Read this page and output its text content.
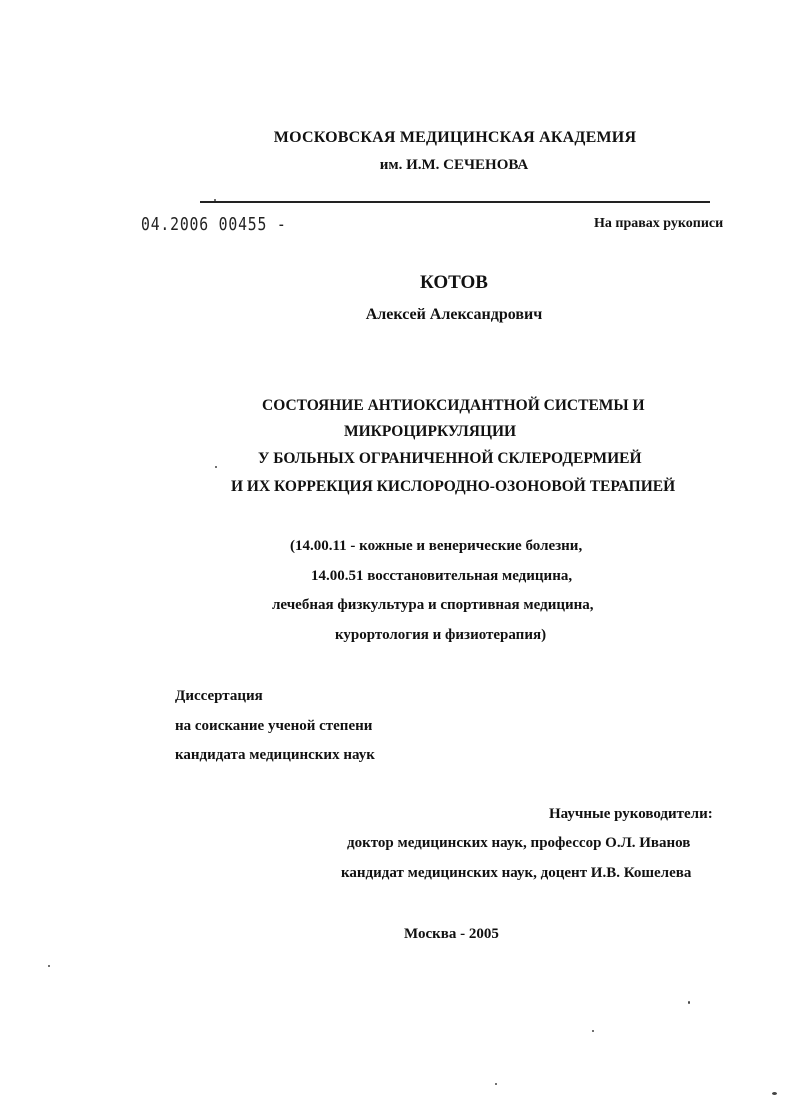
МОСКОВСКАЯ МЕДИЦИНСКАЯ АКАДЕМИЯ
им. И.М. СЕЧЕНОВА
04.2006 00455 -	На правах рукописи
КОТОВ
Алексей Александрович
СОСТОЯНИЕ АНТИОКСИДАНТНОЙ СИСТЕМЫ И
МИКРОЦИРКУЛЯЦИИ
У БОЛЬНЫХ ОГРАНИЧЕННОЙ СКЛЕРОДЕРМИЕЙ
И ИХ КОРРЕКЦИЯ КИСЛОРОДНО-ОЗОНОВОЙ ТЕРАПИЕЙ
(14.00.11 - кожные и венерические болезни,
14.00.51 восстановительная медицина,
лечебная физкультура и спортивная медицина,
курортология и физиотерапия)
Диссертация
на соискание ученой степени
кандидата медицинских наук
Научные руководители:
доктор медицинских наук, профессор О.Л. Иванов
кандидат медицинских наук, доцент И.В. Кошелева
Москва - 2005
